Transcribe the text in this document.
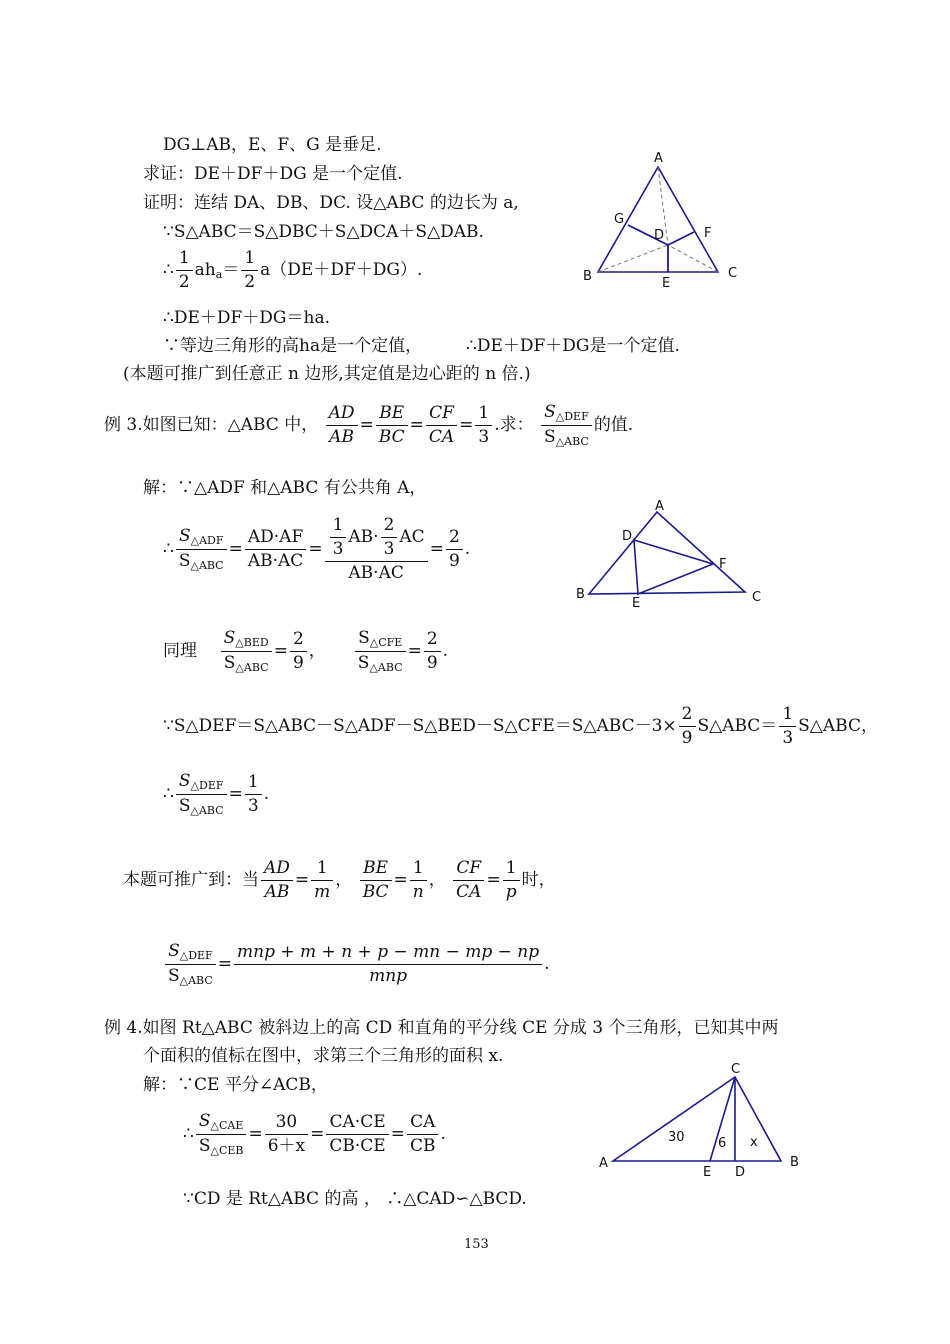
DG⊥AB，E、F、G 是垂足.
求证：DE＋DF＋DG 是一个定值.
证明：连结 DA、DB、DC. 设△ABC 的边长为 a,
∵S△ABC＝S△DBC＋S△DCA＋S△DAB.
∴ $\frac{1}{2} ah_a= \frac{1}{2} a(DE+DF+DG)$.
∴DE＋DF＋DG＝ha.
∵等边三角形的高ha是一个定值，	∴DE＋DF＋DG是一个定值.
(本题可推广到任意正 n 边形,其定值是边心距的 n 倍.)
A
B	C
D
E
F
G
例 3.如图已知：△ABC 中， $\frac{AD}{AB} = \frac{BE}{BC} = \frac{CF}{CA} = \frac{1}{3}$ .求： $\frac{S_{\triangle DEF}}{S_{\triangle ABC}}$ 的值.
解：∵△ADF 和△ABC 有公共角 A，
∴ $\frac{S_{\triangle ADF}}{S_{\triangle ABC}} = \frac{AD\cdot AF}{AB\cdot AC} = \frac{\frac{1}{3} AB\cdot \frac{2}{3} AC}{AB\cdot AC} = \frac{2}{9}$ .
A
B	C
D
E
F
同理 $\frac{S_{\triangle BED}}{S_{\triangle ABC}} = \frac{2}{9}$ ， $\frac{S_{\triangle CFE}}{S_{\triangle ABC}} = \frac{2}{9}$ .
∵S△DEF＝S△ABC－S△ADF－S△BED－S△CFE＝S△ABC－3× $\frac{2}{9}$ S△ABC＝ $\frac{1}{3}$ S△ABC，
∴ $\frac{S_{\triangle DEF}}{S_{\triangle ABC}} = \frac{1}{3}$ .
本题可推广到：当 $\frac{AD}{AB} = \frac{1}{m}$ ， $\frac{BE}{BC} = \frac{1}{n}$ ， $\frac{CF}{CA} = \frac{1}{p}$ 时，
$\frac{S_{\triangle DEF}}{S_{\triangle ABC}} = \frac{\text{mnp + m + n + p − mn − mp − np}}{\text{mnp}}$ .
例 4.如图 Rt△ABC 被斜边上的高 CD 和直角的平分线 CE 分成 3 个三角形，已知其中两
个面积的值标在图中，求第三个三角形的面积 x.
解：∵CE 平分∠ACB，
∴ $\frac{S_{\triangle CAE}}{S_{\triangle CEB}} = \frac{30}{6+x} = \frac{CA\cdot CE}{CB\cdot CE} = \frac{CA}{CB}$ .
C
A	B
E D
30	6 x
∵CD 是 Rt△ABC 的高 ， ∴△CAD∽△BCD.
153
